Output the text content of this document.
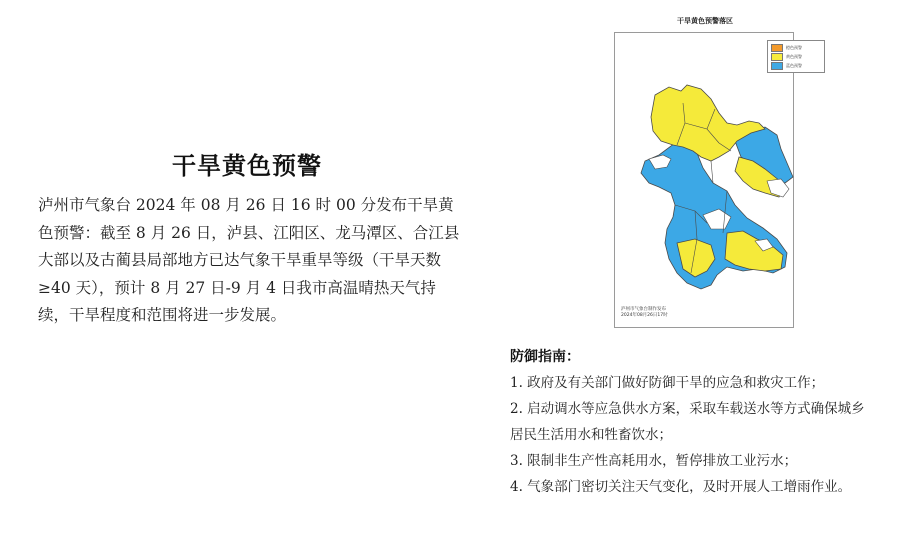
干旱黄色预警
泸州市气象台 2024 年 08 月 26 日 16 时 00 分发布干旱黄
色预警：截至 8 月 26 日，泸县、江阳区、龙马潭区、合江县
大部以及古蔺县局部地方已达气象干旱重旱等级（干旱天数
≥40 天），预计 8 月 27 日-9 月 4 日我市高温晴热天气持
续，干旱程度和范围将进一步发展。
干旱黄色预警落区
橙色预警
黄色预警
蓝色预警
泸州市气象台制作发布
2024年08月26日17时
防御指南：
1. 政府及有关部门做好防御干旱的应急和救灾工作；
2. 启动调水等应急供水方案，采取车载送水等方式确保城乡
居民生活用水和牲畜饮水；
3. 限制非生产性高耗用水，暂停排放工业污水；
4. 气象部门密切关注天气变化，及时开展人工增雨作业。
